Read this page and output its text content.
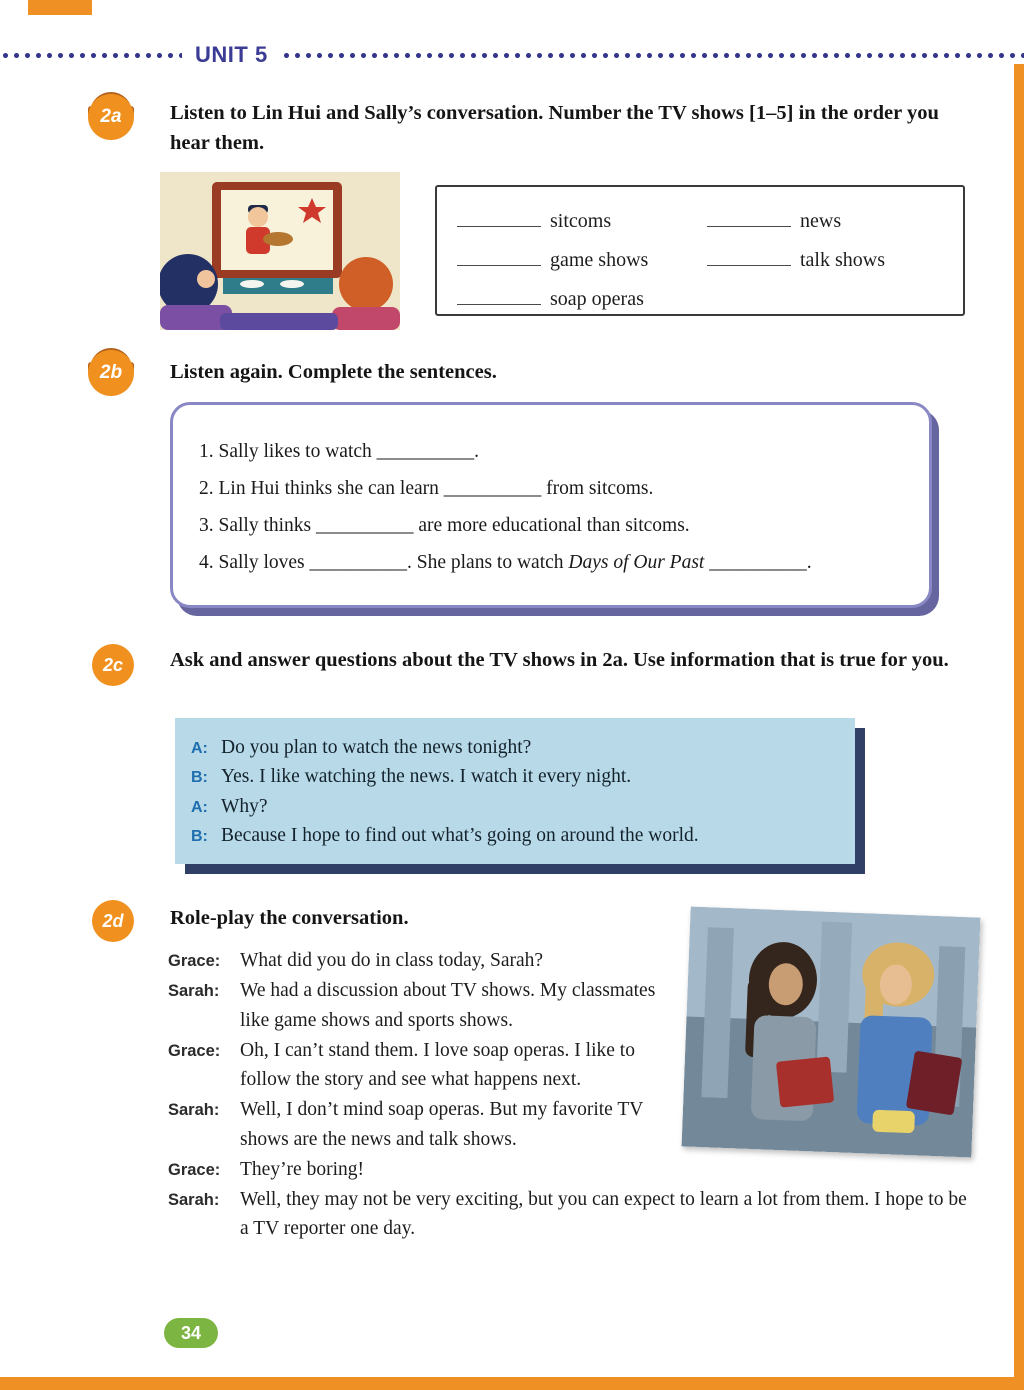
UNIT 5
2a	Listen to Lin Hui and Sally’s conversation. Number the TV shows [1–5] in the order you hear them.
sitcoms	news
game shows	talk shows
soap operas
2b	Listen again. Complete the sentences.
1. Sally likes to watch __________.
2. Lin Hui thinks she can learn __________ from sitcoms.
3. Sally thinks __________ are more educational than sitcoms.
4. Sally loves __________. She plans to watch Days of Our Past __________.
2c	Ask and answer questions about the TV shows in 2a. Use information that is true for you.
A: Do you plan to watch the news tonight?
B: Yes. I like watching the news. I watch it every night.
A: Why?
B: Because I hope to find out what’s going on around the world.
2d	Role-play the conversation.

Grace: What did you do in class today, Sarah?

Sarah: We had a discussion about TV shows. My classmates like game shows and sports shows.

Grace: Oh, I can’t stand them. I love soap operas. I like to follow the story and see what happens next.

Sarah: Well, I don’t mind soap operas. But my favorite TV shows are the news and talk shows.

Grace: They’re boring!

Sarah: Well, they may not be very exciting, but you can expect to learn a lot from them. I hope to be a TV reporter one day.

34
